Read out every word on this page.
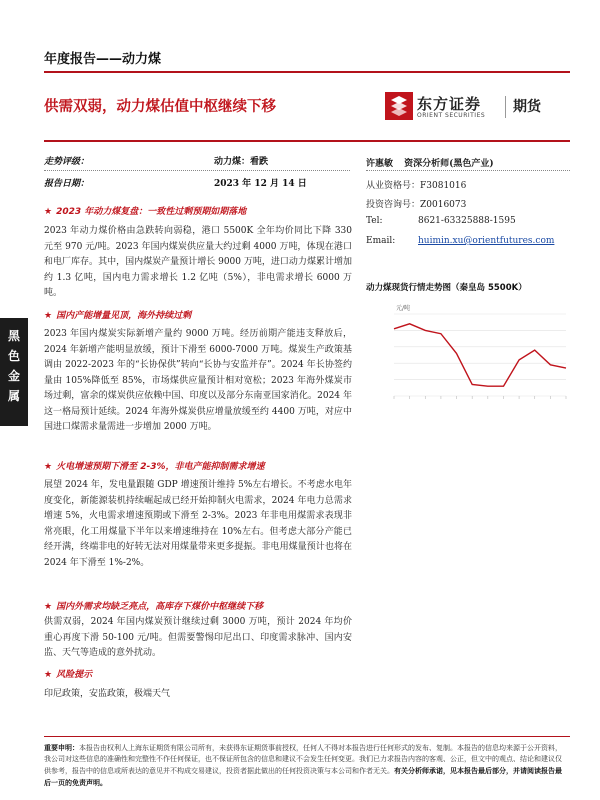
年度报告——动力煤
供需双弱，动力煤估值中枢继续下移	东方证券
ORIENT SECURITIES
期货
走势评级：	动力煤：看跌
报告日期：	2023 年 12 月 14 日
许惠敏 资深分析师(黑色产业)
从业资格号：F3081016
投资咨询号：Z0016073
Tel:	8621-63325888-1595
Email:	huimin.xu@orientfutures.com
动力煤现货行情走势图（秦皇岛 5500K）
元/吨
黑
色
金
属
★ 2023 年动力煤复盘：一致性过剩预期如期落地
2023 年动力煤价格由急跌转向弱稳，港口 5500K 全年均价同比下降 330 元至 970 元/吨。2023 年国内煤炭供应量大约过剩 4000 万吨，体现在港口和电厂库存。其中，国内煤炭产量预计增长 9000 万吨，进口动力煤累计增加约 1.3 亿吨，国内电力需求增长 1.2 亿吨（5%），非电需求增长 6000 万吨。
★ 国内产能增量见顶，海外持续过剩
2023 年国内煤炭实际新增产量约 9000 万吨。经历前期产能违支释放后，2024 年新增产能明显放缓，预计下滑至 6000-7000 万吨。煤炭生产政策基调由 2022-2023 年的“长协保供”转向“长协与安监并存”。2024 年长协签约量由 105%降低至 85%，市场煤供应量预计相对宽松；2023 年海外煤炭市场过剩，富余的煤炭供应依赖中国、印度以及部分东南亚国家消化。2024 年这一格局预计延续。2024 年海外煤炭供应增量放缓至约 4400 万吨，对应中国进口煤需求量需进一步增加 2000 万吨。
★ 火电增速预期下滑至 2-3%，非电产能抑制需求增速
展望 2024 年，发电量跟随 GDP 增速预计维持 5%左右增长。不考虑水电年度变化，新能源装机持续崛起成已经开始抑制火电需求，2024 年电力总需求增速 5%，火电需求增速预期或下滑至 2-3%。2023 年非电用煤需求表现非常亮眼，化工用煤量下半年以来增速维持在 10%左右。但考虑大部分产能已经开满，终端非电的好转无法对用煤量带来更多提振。非电用煤量预计也将在 2024 年下滑至 1%-2%。
★ 国内外需求均缺乏亮点，高库存下煤价中枢继续下移
供需双弱，2024 年国内煤炭预计继续过剩 3000 万吨，预计 2024 年均价重心再度下滑 50-100 元/吨。但需要警惕印尼出口、印度需求脉冲、国内安监、天气等造成的意外扰动。
★ 风险提示
印尼政策，安监政策，极端天气
重要申明：本报告由权利人上海东证期货有限公司所有，未获得东证期货事前授权，任何人不得对本报告进行任何形式的发布、复制。本报告的信息均来源于公开资料，我公司对这些信息的准确性和完整性不作任何保证，也不保证所包含的信息和建议不会发生任何变更。我们已力求报告内容的客观、公正，但文中的观点、结论和建议仅供参考，报告中的信息或所表达的意见并不构成交易建议，投资者据此做出的任何投资决策与本公司和作者无关。有关分析师承诺，见本报告最后部分，并请阅读报告最后一页的免责声明。
